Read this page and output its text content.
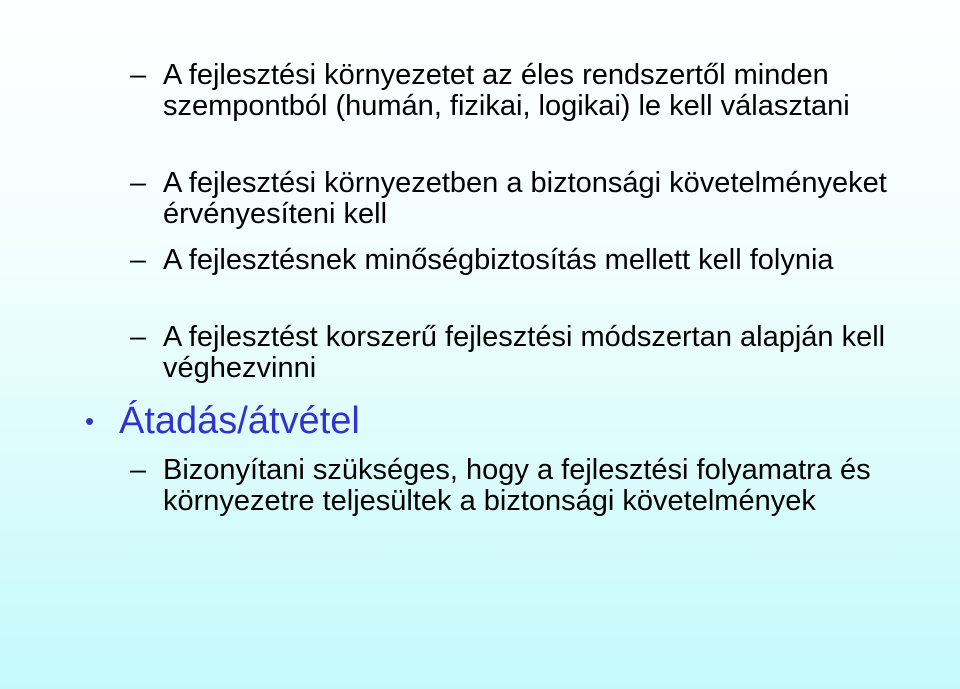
– A fejlesztési környezetet az éles rendszertől minden szempontból (humán, fizikai, logikai) le kell választani
– A fejlesztési környezetben a biztonsági követelményeket érvényesíteni kell
– A fejlesztésnek minőségbiztosítás mellett kell folynia
– A fejlesztést korszerű fejlesztési módszertan alapján kell véghezvinni
• Átadás/átvétel
– Bizonyítani szükséges, hogy a fejlesztési folyamatra és környezetre teljesültek a biztonsági követelmények
